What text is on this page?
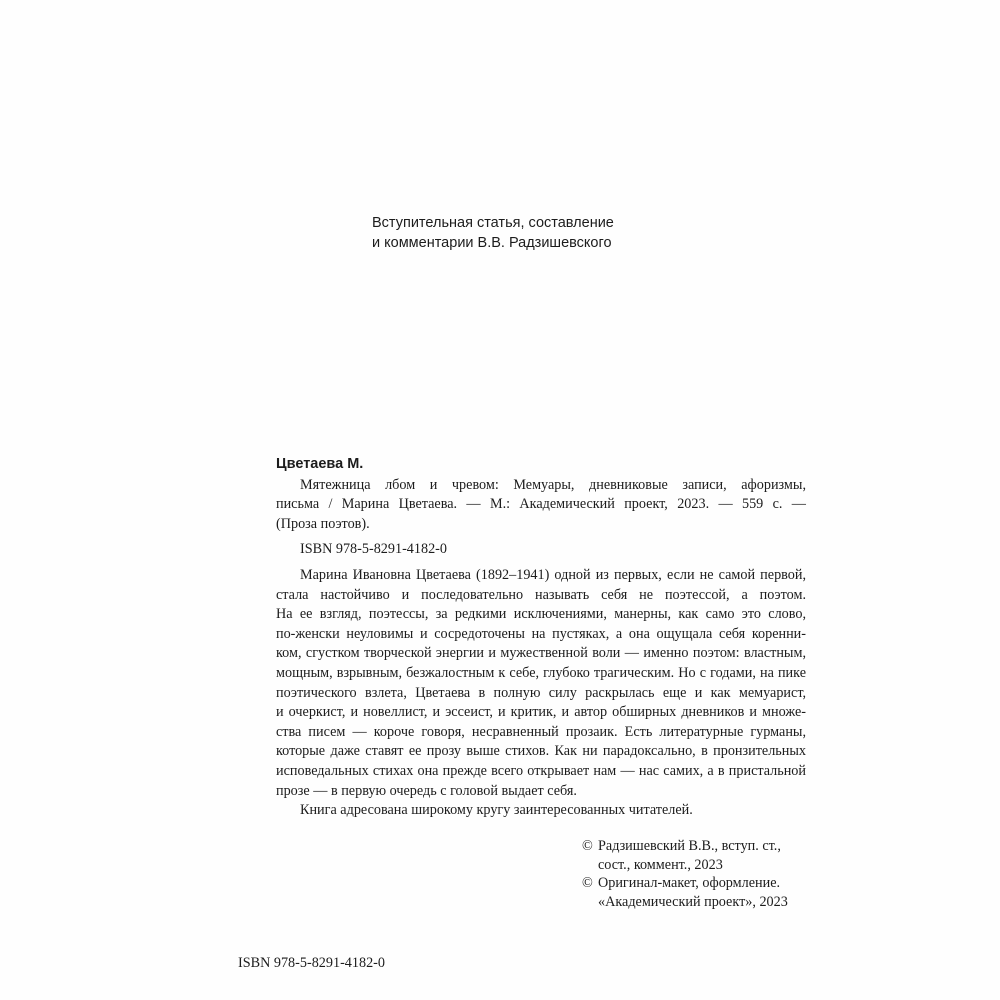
Вступительная статья, составление
и комментарии В.В. Радзишевского
Цветаева М.
Мятежница лбом и чревом: Мемуары, дневниковые записи, афоризмы,
письма / Марина Цветаева. — М.: Академический проект, 2023. — 559 с. —
(Проза поэтов).
ISBN 978-5-8291-4182-0

Марина Ивановна Цветаева (1892–1941) одной из первых, если не самой первой,
стала настойчиво и последовательно называть себя не поэтессой, а поэтом.
На ее взгляд, поэтессы, за редкими исключениями, манерны, как само это слово,
по-женски неуловимы и сосредоточены на пустяках, а она ощущала себя коренни-
ком, сгустком творческой энергии и мужественной воли — именно поэтом: властным,
мощным, взрывным, безжалостным к себе, глубоко трагическим. Но с годами, на пике
поэтического взлета, Цветаева в полную силу раскрылась еще и как мемуарист,
и очеркист, и новеллист, и эссеист, и критик, и автор обширных дневников и множе-
ства писем — короче говоря, несравненный прозаик. Есть литературные гурманы,
которые даже ставят ее прозу выше стихов. Как ни парадоксально, в пронзительных
исповедальных стихах она прежде всего открывает нам — нас самих, а в пристальной
прозе — в первую очередь с головой выдает себя.

Книга адресована широкому кругу заинтересованных читателей.

© Радзишевский В.В., вступ. ст.,
сост., коммент., 2023
© Оригинал-макет, оформление.
«Академический проект», 2023
ISBN 978-5-8291-4182-0
